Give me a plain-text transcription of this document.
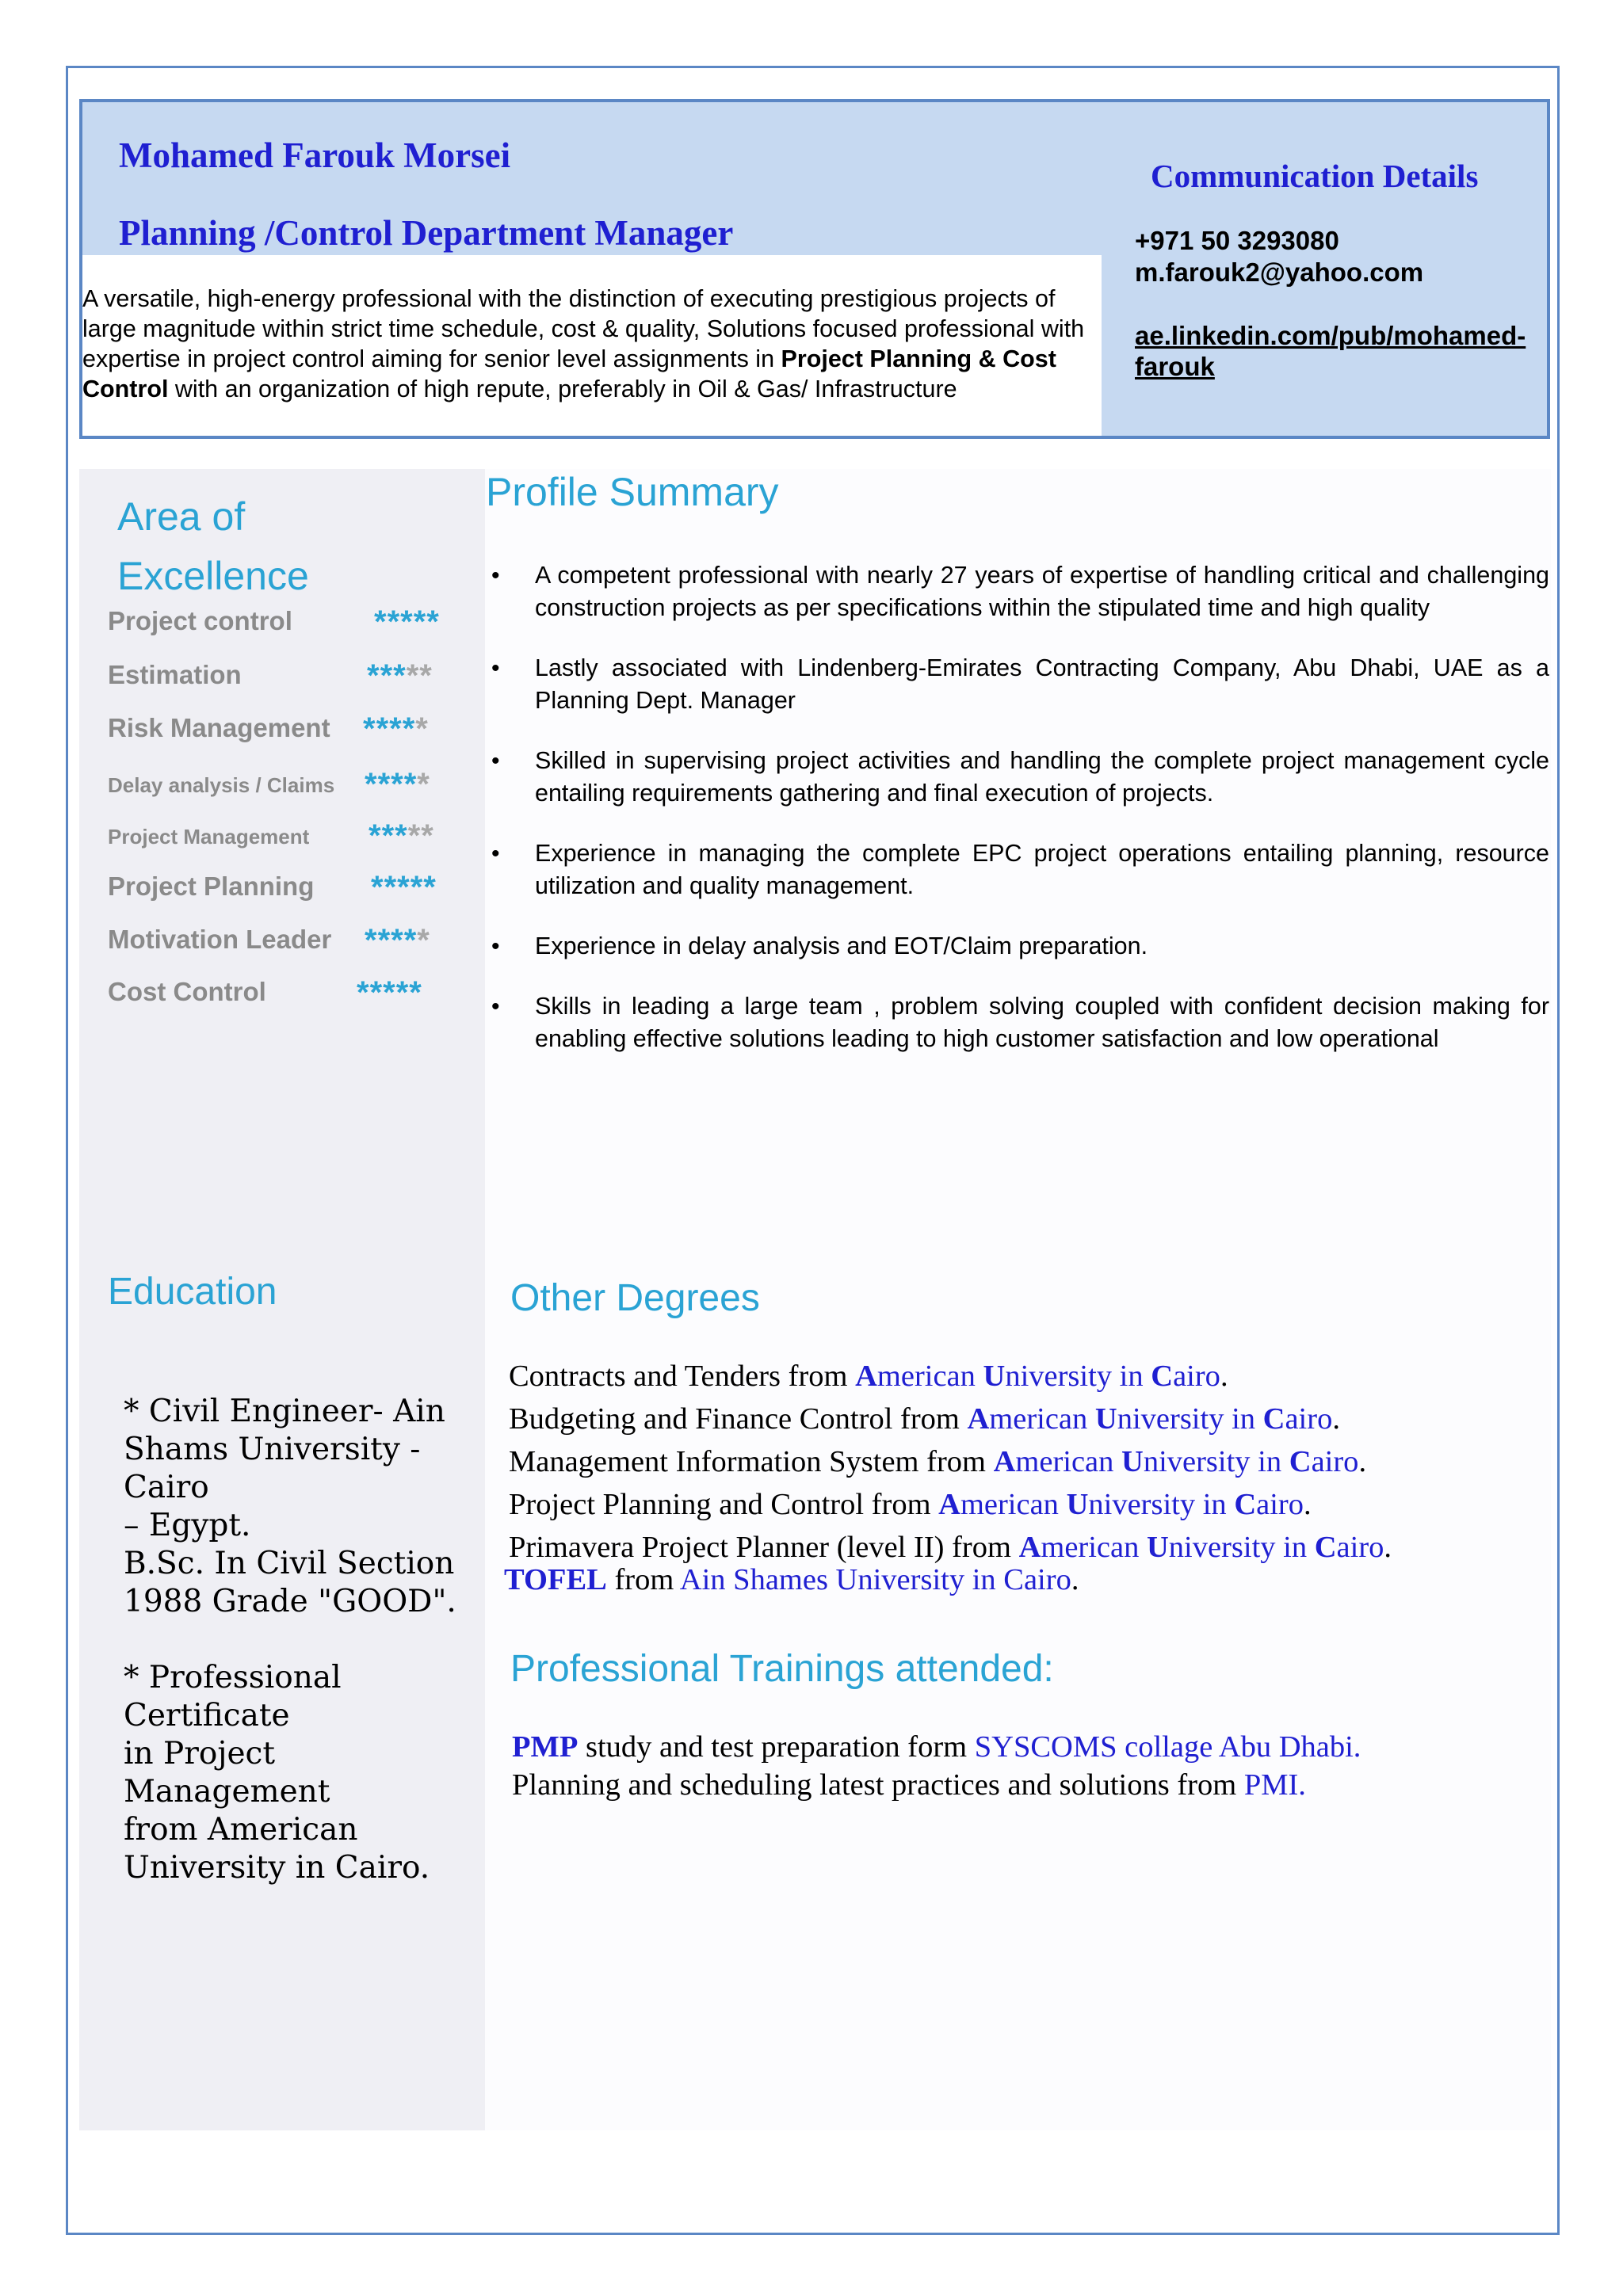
Mohamed Farouk Morsei
Planning /Control Department Manager
A versatile, high-energy professional with the distinction of executing prestigious projects of large magnitude within strict time schedule, cost & quality, Solutions focused professional with expertise in project control aiming for senior level assignments in Project Planning & Cost Control with an organization of high repute, preferably in Oil & Gas/ Infrastructure
Communication Details
+971 50 3293080
m.farouk2@yahoo.com
ae.linkedin.com/pub/mohamed-farouk
Area of
Excellence
Project control	*****
Estimation	*****
Risk Management *****
Delay analysis / Claims *****
Project Management *****
Project Planning *****
Motivation Leader *****
Cost Control	*****
Profile Summary
• A competent professional with nearly 27 years of expertise of handling critical and challenging construction projects as per specifications within the stipulated time and high quality
• Lastly associated with Lindenberg-Emirates Contracting Company, Abu Dhabi, UAE as a Planning Dept. Manager
• Skilled in supervising project activities and handling the complete project management cycle entailing requirements gathering and final execution of projects.
• Experience in managing the complete EPC project operations entailing planning, resource utilization and quality management.
• Experience in delay analysis and EOT/Claim preparation.
• Skills in leading a large team , problem solving coupled with confident decision making for enabling effective solutions leading to high customer satisfaction and low operational
Education
* Civil Engineer- Ain
Shams University - Cairo
– Egypt.
B.Sc. In Civil Section
1988 Grade "GOOD".
* Professional Certificate
in Project Management
from American
University in Cairo.
Other Degrees
Contracts and Tenders from American University in Cairo.
Budgeting and Finance Control from American University in Cairo.
Management Information System from American University in Cairo.
Project Planning and Control from American University in Cairo.
Primavera Project Planner (level II) from American University in Cairo.
TOFEL from Ain Shames University in Cairo.
Professional Trainings attended:
PMP study and test preparation form SYSCOMS collage Abu Dhabi.
Planning and scheduling latest practices and solutions from PMI.
